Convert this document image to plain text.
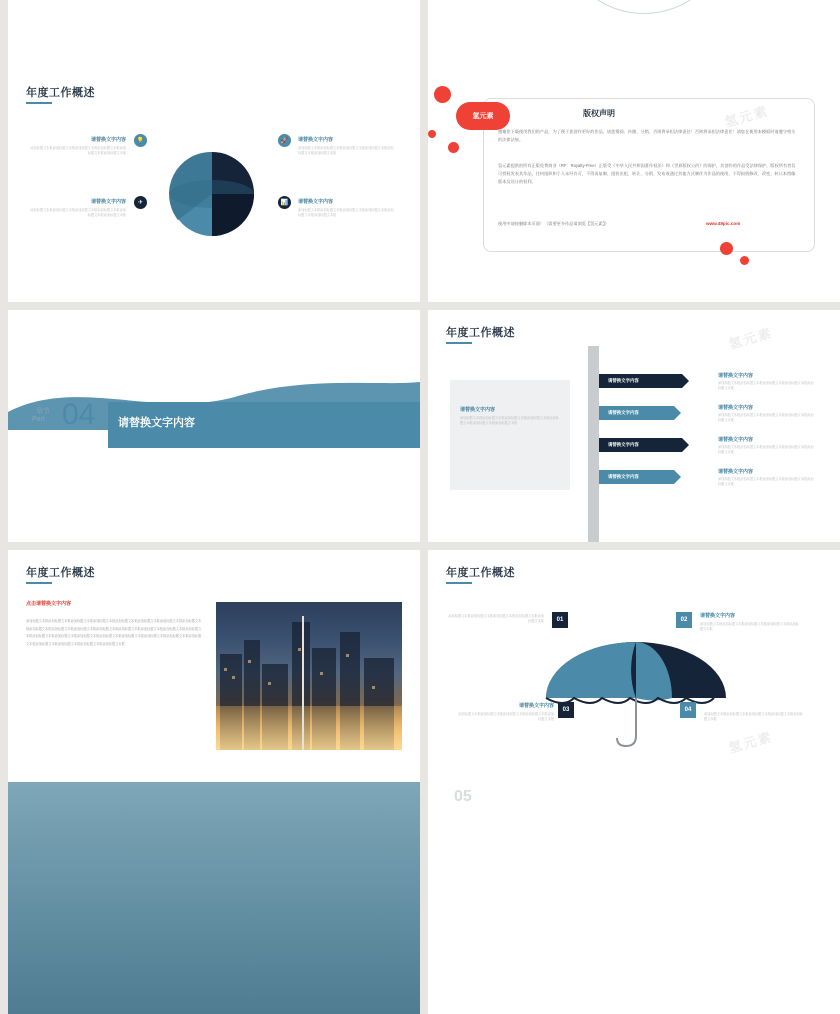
年度工作概述
请替换文字内容
添加标题文本框添加标题文本框添加标题文本框添加标题文本框添加标题文本框添加标题文本框
💡	🚀	请替换文字内容
添加标题文本框添加标题文本框添加标题文本框添加标题文本框添加标题文本框添加标题文本框
请替换文字内容
添加标题文本框添加标题文本框添加标题文本框添加标题文本框添加标题文本框添加标题文本框
✈	📊	请替换文字内容
添加标题文本框添加标题文本框添加标题文本框添加标题文本框添加标题文本框添加标题文本框
氢元素	版权声明
感谢您下载使用我们的产品，为了便于您创作更好的作品，请您慢阅、传播、分销，否则将承担法律责任！否则将承担法律责任！请您在使用本模板时请遵守相关的法律法规。
氢元素提供的所有正版免费商业（RF：Royalty-Free）正版受《中华人民共和国著作权法》和《世界版权公约》的保护，其创作的作品受法律保护，版权所有者仅可授权发表其作品，任何组织和个人未经许可，不得再复制、组装出租、转让、分销、发布或通过其他方式制作为作品的使用，不得损毁修改、改变、转让本图像版本及设计的权利。
使用中请按删除本页面！（需要更多作品请浏览【氢元素】）	www.49pic.com
章节
Part 04 请替换文字内容
年度工作概述
请替换文字内容
添加标题文本框添加标题文本框添加标题文本框添加标题文本框添加标题文本框添加标题文本框添加标题文本框
请替换文字内容
请替换文字内容
请替换文字内容
请替换文字内容
请替换文字内容
添加标题文本框添加标题文本框添加标题文本框添加标题文本框添加标题文本框
请替换文字内容
添加标题文本框添加标题文本框添加标题文本框添加标题文本框添加标题文本框
请替换文字内容
添加标题文本框添加标题文本框添加标题文本框添加标题文本框添加标题文本框
请替换文字内容
添加标题文本框添加标题文本框添加标题文本框添加标题文本框添加标题文本框
氢元素
年度工作概述
点击请替换文字内容
添加标题文本框添加标题文本框添加标题文本框添加标题文本框添加标题文本框添加标题文本框添加标题文本框添加标题文本框添加标题文本框添加标题文本框添加标题文本框添加标题文本框添加标题文本框添加标题文本框添加标题文本框添加标题文本框添加标题文本框添加标题文本框添加标题文本框添加标题文本框添加标题文本框添加标题文本框添加标题文本框添加标题文本框添加标题文本框添加标题文本框添加标题文本框添加标题文本框
年度工作概述
添加标题文本框添加标题文本框添加标题文本框添加标题文本框添加标题文本框	01	02
请替换文字内容
添加标题文本框添加标题文本框添加标题文本框添加标题文本框添加标题文本框
请替换文字内容
添加标题文本框添加标题文本框添加标题文本框添加标题文本框添加标题文本框
03	04
添加标题文本框添加标题文本框添加标题文本框添加标题文本框添加标题文本框
氢元素
05
